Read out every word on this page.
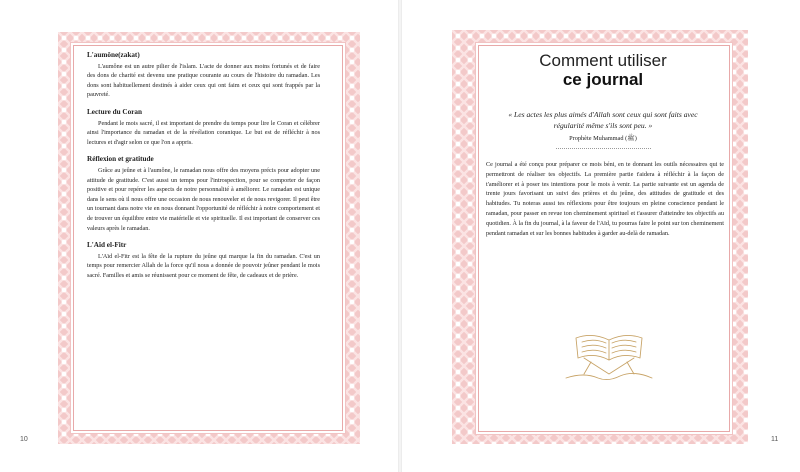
10	11
L'aumône(zakat)

L'aumône est un autre pilier de l'islam. L'acte de donner aux moins fortunés et de faire des dons de charité est devenu une pratique courante au cours de l'histoire du ramadan. Les dons sont habituellement destinés à aider ceux qui ont faim et ceux qui sont frappés par la pauvreté.

Lecture du Coran

Pendant le mois sacré, il est important de prendre du temps pour lire le Coran et célébrer ainsi l'importance du ramadan et de la révélation coranique. Le but est de réfléchir à nos lectures et d'agir selon ce que l'on a appris.

Réflexion et gratitude

Grâce au jeûne et à l'aumône, le ramadan nous offre des moyens précis pour adopter une attitude de gratitude. C'est aussi un temps pour l'introspection, pour se comporter de façon positive et pour repérer les aspects de notre personnalité à améliorer. Le ramadan est unique dans le sens où il nous offre une occasion de nous renouveler et de nous revigorer. Il peut être un tournant dans notre vie en nous donnant l'opportunité de réfléchir à notre comportement et de trouver un équilibre entre vie matérielle et vie spirituelle. Il est important de conserver ces valeurs après le ramadan.

L'Aïd el-Fitr

L'Aïd el-Fitr est la fête de la rupture du jeûne qui marque la fin du ramadan. C'est un temps pour remercier Allah de la force qu'il nous a donnée de pouvoir jeûner pendant le mois sacré. Familles et amis se réunissent pour ce moment de fête, de cadeaux et de prière.

Comment utiliser
ce journal
« Les actes les plus aimés d'Allah sont ceux qui sont faits avec régularité même s'ils sont peu. »
Prophète Muhammad (ﷺ)

Ce journal a été conçu pour préparer ce mois béni, en te donnant les outils nécessaires qui te permettront de réaliser tes objectifs. La première partie t'aidera à réfléchir à la façon de t'améliorer et à poser tes intentions pour le mois à venir. La partie suivante est un agenda de trente jours favorisant un suivi des prières et du jeûne, des attitudes de gratitude et des habitudes. Tu noteras aussi tes réflexions pour être toujours en pleine conscience pendant le ramadan, pour passer en revue ton cheminement spirituel et t'assurer d'atteindre tes objectifs au quotidien. À la fin du journal, à la faveur de l'Aïd, tu pourras faire le point sur ton cheminement pendant ramadan et sur les bonnes habitudes à garder au-delà de ramadan.
